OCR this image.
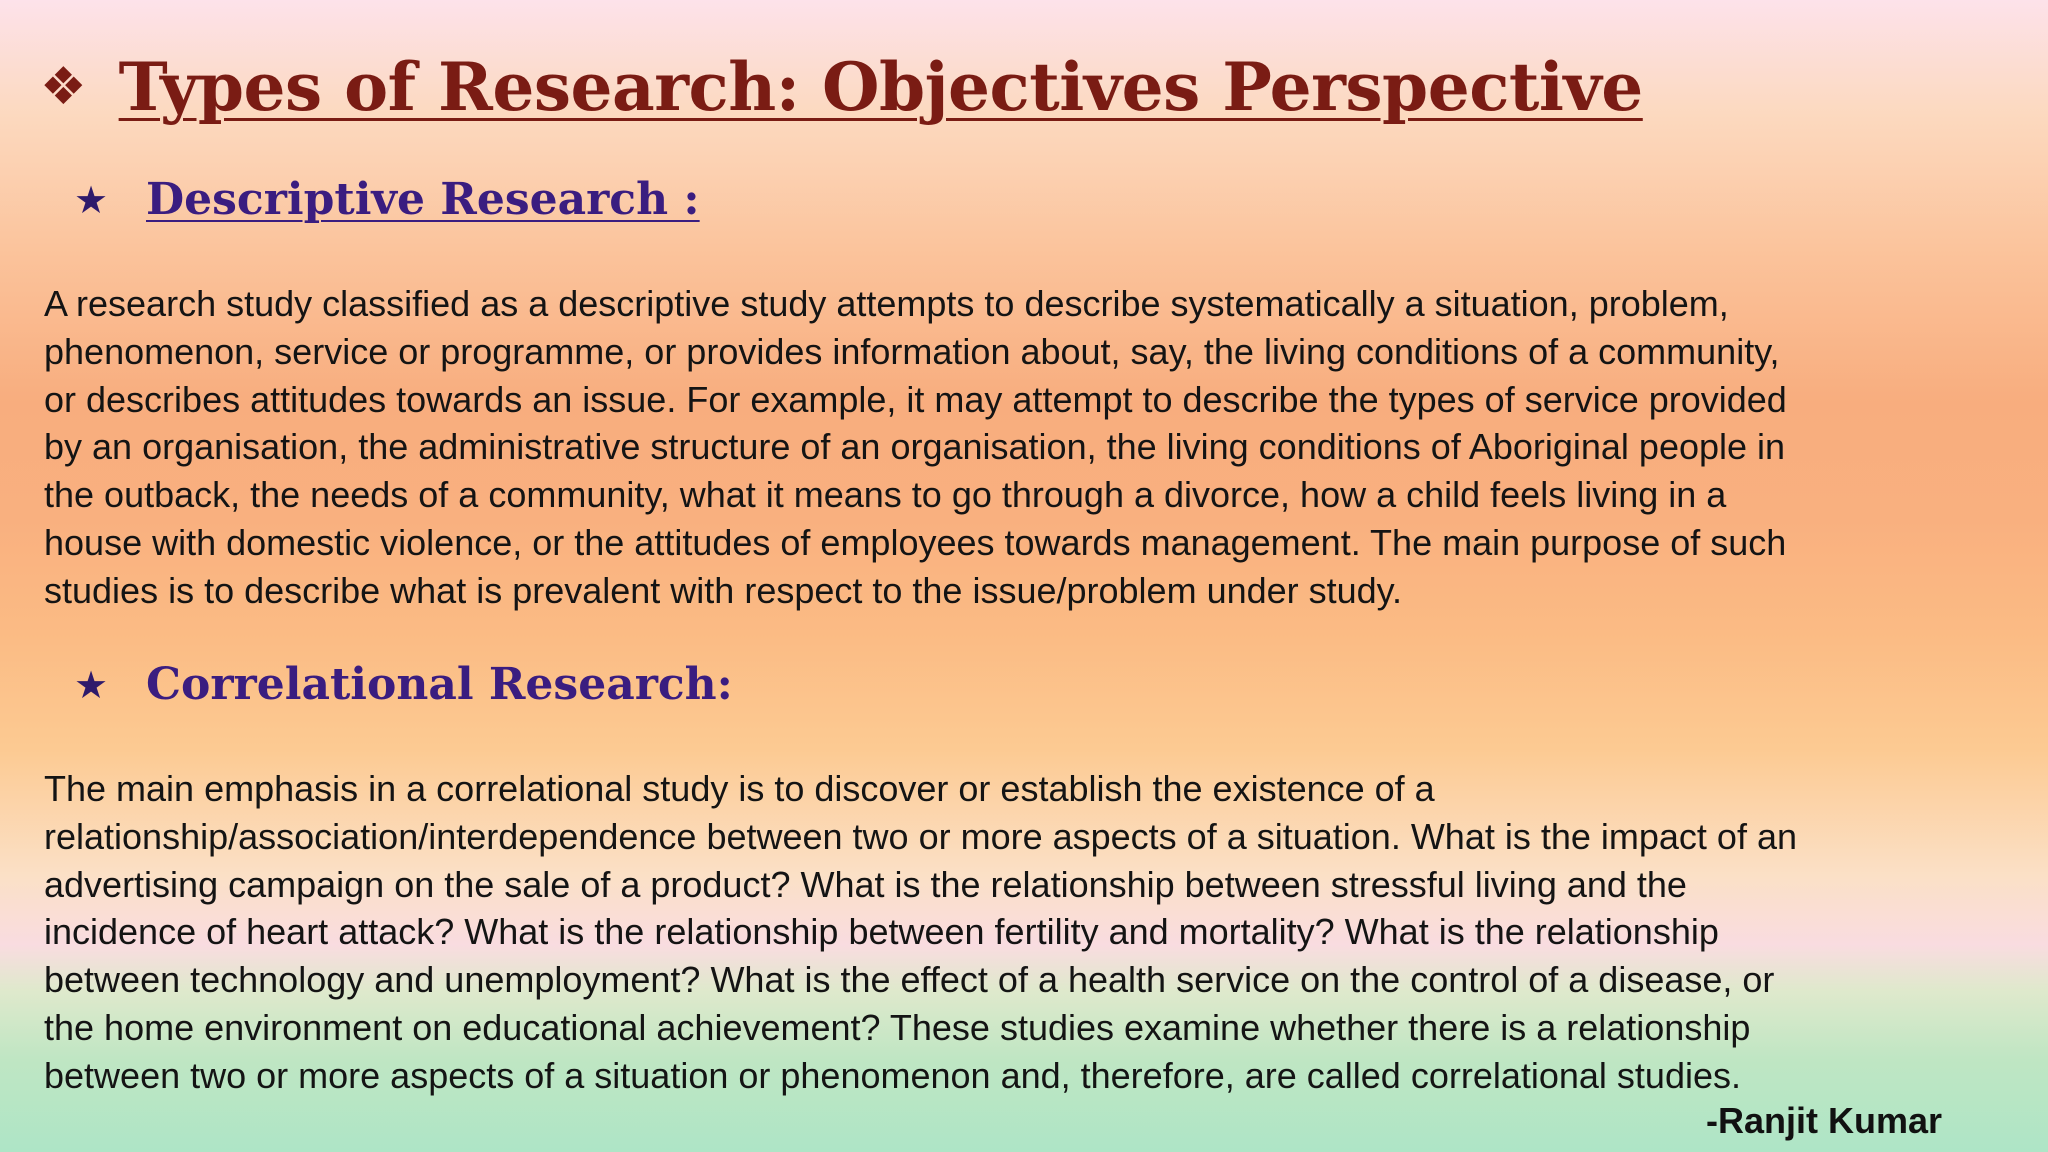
❖ Types of Research: Objectives Perspective
★ Descriptive Research :
A research study classified as a descriptive study attempts to describe systematically a situation, problem,
phenomenon, service or programme, or provides information about, say, the living conditions of a community,
or describes attitudes towards an issue. For example, it may attempt to describe the types of service provided
by an organisation, the administrative structure of an organisation, the living conditions of Aboriginal people in
the outback, the needs of a community, what it means to go through a divorce, how a child feels living in a
house with domestic violence, or the attitudes of employees towards management. The main purpose of such
studies is to describe what is prevalent with respect to the issue/problem under study.
★ Correlational Research:
The main emphasis in a correlational study is to discover or establish the existence of a
relationship/association/interdependence between two or more aspects of a situation. What is the impact of an
advertising campaign on the sale of a product? What is the relationship between stressful living and the
incidence of heart attack? What is the relationship between fertility and mortality? What is the relationship
between technology and unemployment? What is the effect of a health service on the control of a disease, or
the home environment on educational achievement? These studies examine whether there is a relationship
between two or more aspects of a situation or phenomenon and, therefore, are called correlational studies.
-Ranjit Kumar
